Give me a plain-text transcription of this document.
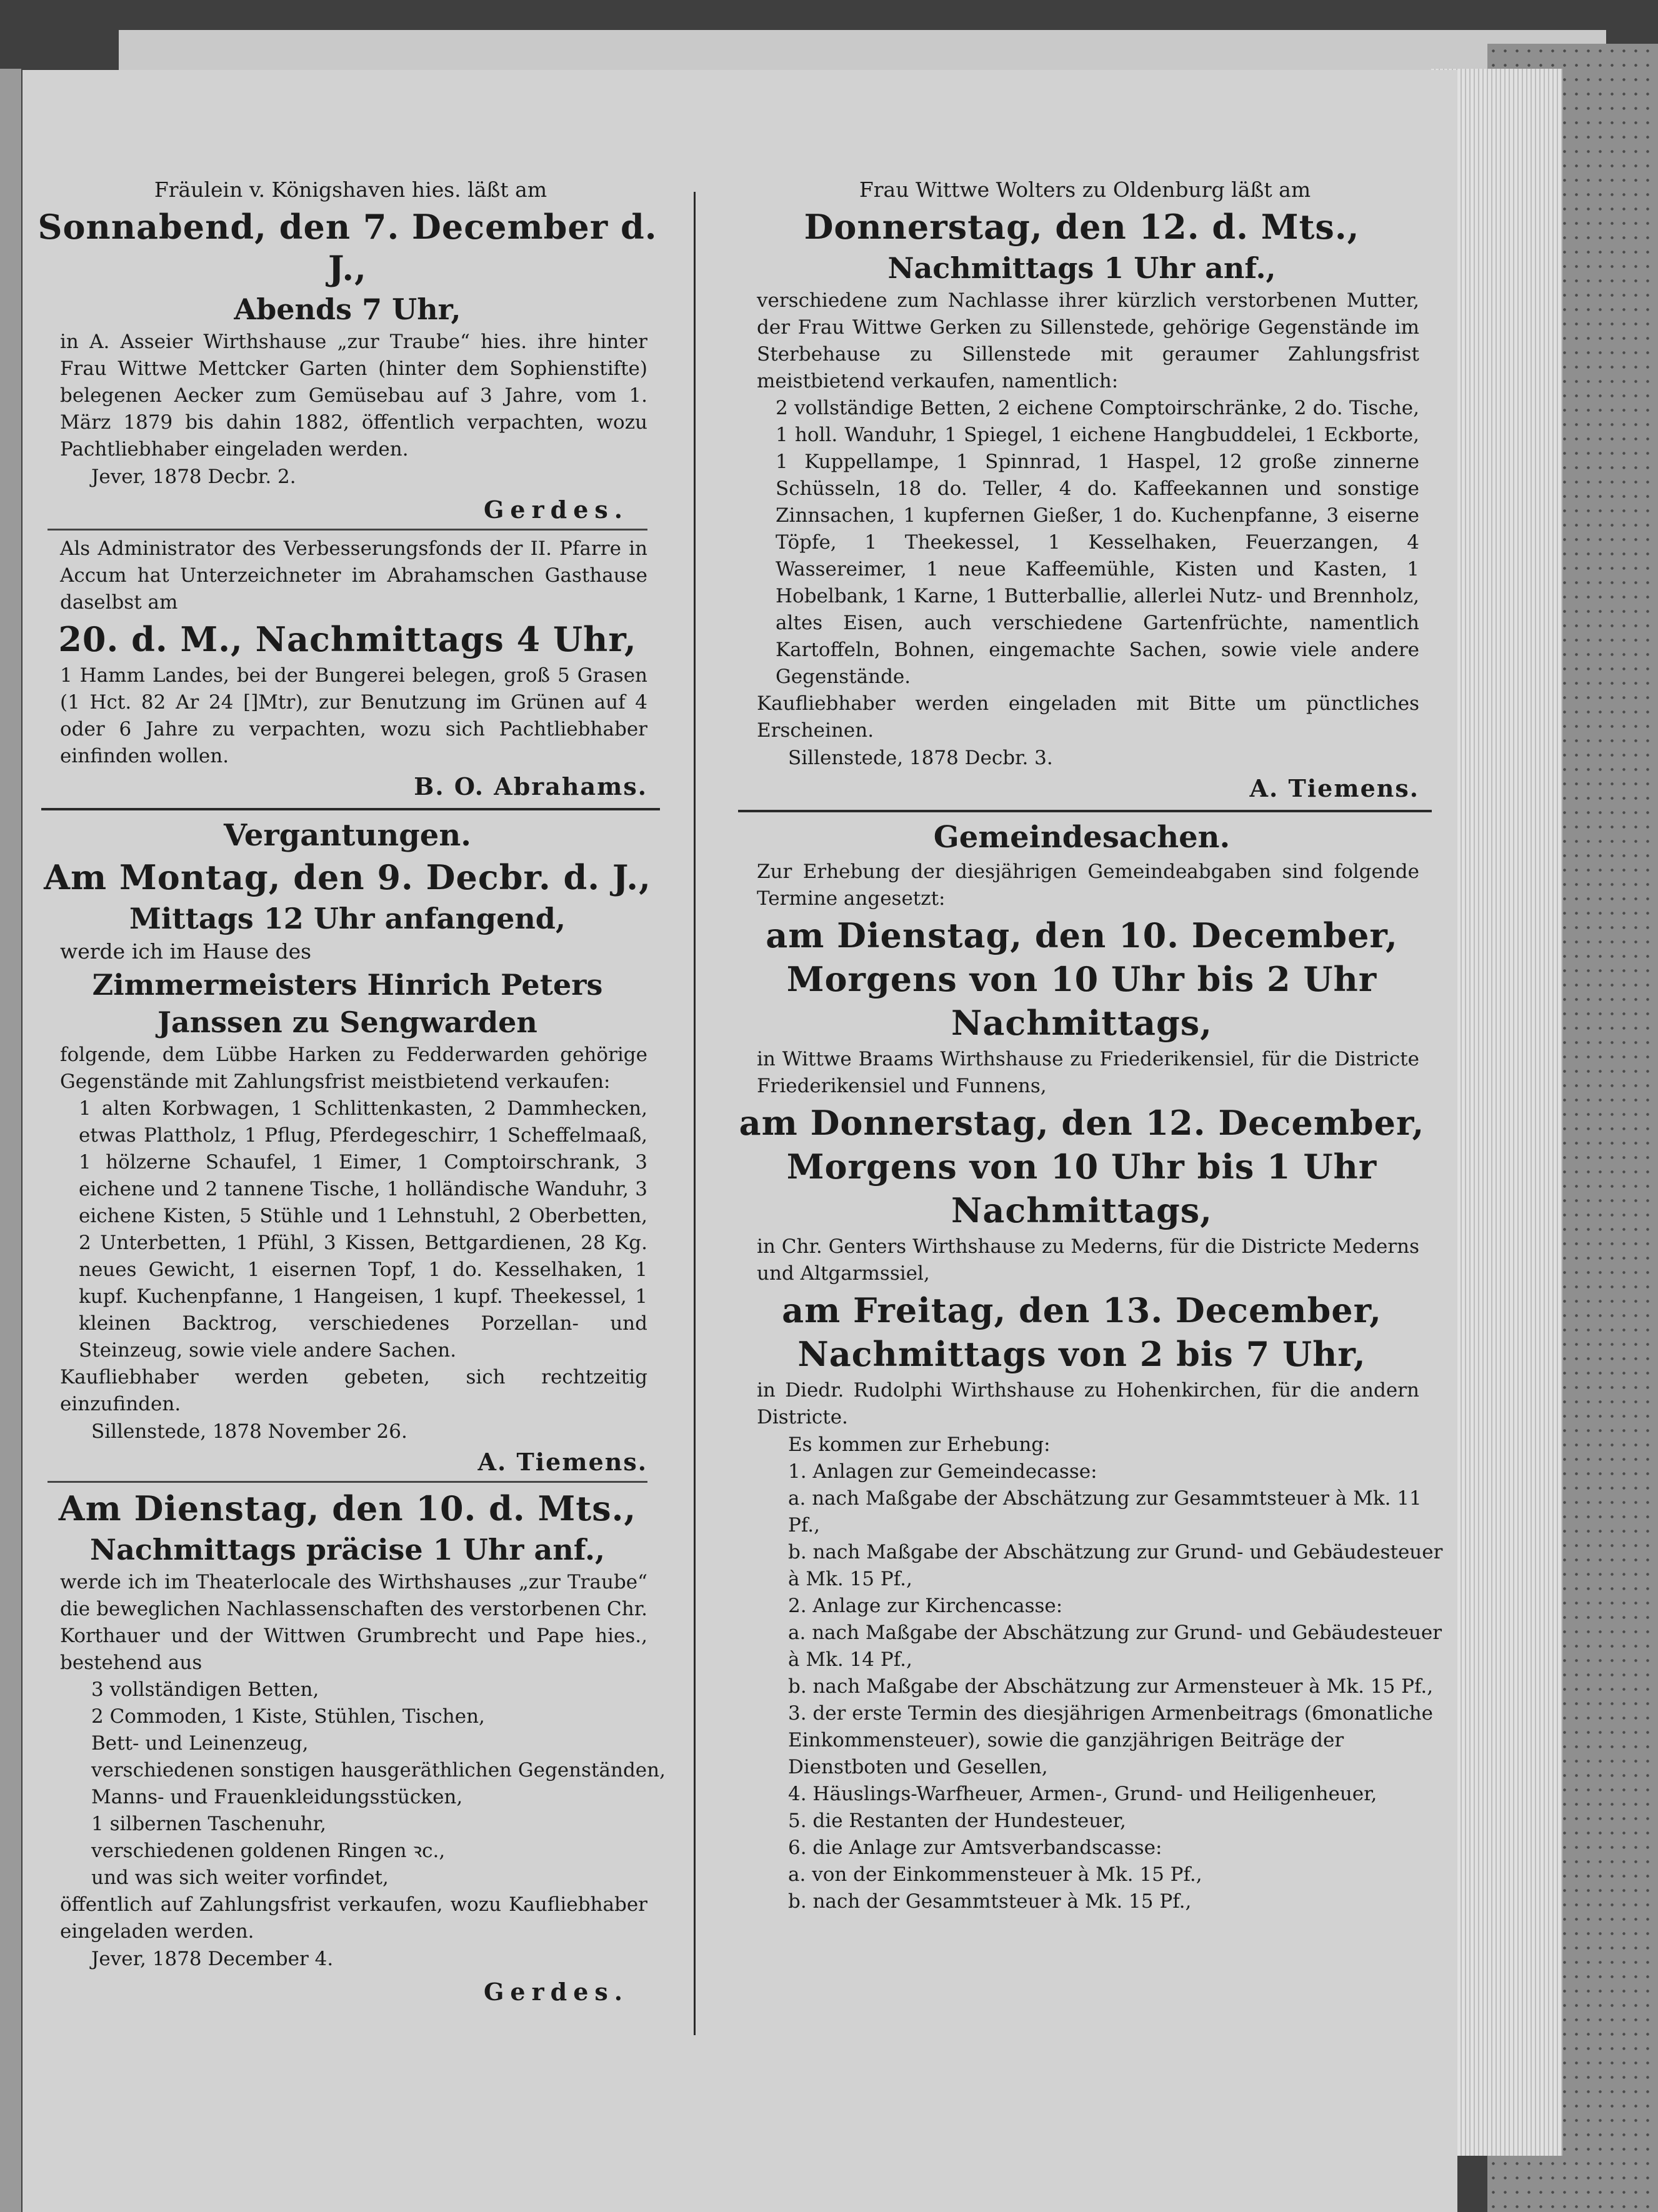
Fräulein v. Königshaven hies. läßt am

Sonnabend, den 7. December d. J.,

Abends 7 Uhr,

in A. Asseier Wirthshause „zur Traube“ hies. ihre hinter Frau Wittwe Mettcker Garten (hinter dem Sophienstifte) belegenen Aecker zum Gemüsebau auf 3 Jahre, vom 1. März 1879 bis dahin 1882, öffentlich verpachten, wozu Pachtliebhaber eingeladen werden.

Jever, 1878 Decbr. 2.

Gerdes.

Als Administrator des Verbesserungsfonds der II. Pfarre in Accum hat Unterzeichneter im Abrahamschen Gasthause daselbst am

20. d. M., Nachmittags 4 Uhr,

1 Hamm Landes, bei der Bungerei belegen, groß 5 Grasen (1 Hct. 82 Ar 24 []Mtr), zur Benutzung im Grünen auf 4 oder 6 Jahre zu verpachten, wozu sich Pachtliebhaber einfinden wollen.

B. O. Abrahams.

Vergantungen.

Am Montag, den 9. Decbr. d. J.,

Mittags 12 Uhr anfangend,

werde ich im Hause des

Zimmermeisters Hinrich Peters

Janssen zu Sengwarden

folgende, dem Lübbe Harken zu Fedderwarden gehörige Gegenstände mit Zahlungsfrist meistbietend verkaufen:

1 alten Korbwagen, 1 Schlittenkasten, 2 Dammhecken, etwas Plattholz, 1 Pflug, Pferdegeschirr, 1 Scheffelmaaß, 1 hölzerne Schaufel, 1 Eimer, 1 Comptoirschrank, 3 eichene und 2 tannene Tische, 1 holländische Wanduhr, 3 eichene Kisten, 5 Stühle und 1 Lehnstuhl, 2 Oberbetten, 2 Unterbetten, 1 Pfühl, 3 Kissen, Bettgardienen, 28 Kg. neues Gewicht, 1 eisernen Topf, 1 do. Kesselhaken, 1 kupf. Kuchenpfanne, 1 Hangeisen, 1 kupf. Theekessel, 1 kleinen Backtrog, verschiedenes Porzellan- und Steinzeug, sowie viele andere Sachen.

Kaufliebhaber werden gebeten, sich rechtzeitig einzufinden.

Sillenstede, 1878 November 26.

A. Tiemens.

Am Dienstag, den 10. d. Mts.,

Nachmittags präcise 1 Uhr anf.,

werde ich im Theaterlocale des Wirthshauses „zur Traube“ die beweglichen Nachlassenschaften des verstorbenen Chr. Korthauer und der Wittwen Grumbrecht und Pape hies., bestehend aus

3 vollständigen Betten,
2 Commoden, 1 Kiste, Stühlen, Tischen,
Bett- und Leinenzeug,
verschiedenen sonstigen hausgeräthlichen Gegenständen,
Manns- und Frauenkleidungsstücken,
1 silbernen Taschenuhr,
verschiedenen goldenen Ringen ꝛc.,
und was sich weiter vorfindet,

öffentlich auf Zahlungsfrist verkaufen, wozu Kaufliebhaber eingeladen werden.

Jever, 1878 December 4.

Gerdes.

Frau Wittwe Wolters zu Oldenburg läßt am

Donnerstag, den 12. d. Mts.,

Nachmittags 1 Uhr anf.,

verschiedene zum Nachlasse ihrer kürzlich verstorbenen Mutter, der Frau Wittwe Gerken zu Sillenstede, gehörige Gegenstände im Sterbehause zu Sillenstede mit geraumer Zahlungsfrist meistbietend verkaufen, namentlich:

2 vollständige Betten, 2 eichene Comptoirschränke, 2 do. Tische, 1 holl. Wanduhr, 1 Spiegel, 1 eichene Hangbuddelei, 1 Eckborte, 1 Kuppellampe, 1 Spinnrad, 1 Haspel, 12 große zinnerne Schüsseln, 18 do. Teller, 4 do. Kaffeekannen und sonstige Zinnsachen, 1 kupfernen Gießer, 1 do. Kuchenpfanne, 3 eiserne Töpfe, 1 Theekessel, 1 Kesselhaken, Feuerzangen, 4 Wassereimer, 1 neue Kaffeemühle, Kisten und Kasten, 1 Hobelbank, 1 Karne, 1 Butterballie, allerlei Nutz- und Brennholz, altes Eisen, auch verschiedene Gartenfrüchte, namentlich Kartoffeln, Bohnen, eingemachte Sachen, sowie viele andere Gegenstände.

Kaufliebhaber werden eingeladen mit Bitte um pünctliches Erscheinen.

Sillenstede, 1878 Decbr. 3.

A. Tiemens.

Gemeindesachen.

Zur Erhebung der diesjährigen Gemeindeabgaben sind folgende Termine angesetzt:

am Dienstag, den 10. December,

Morgens von 10 Uhr bis 2 Uhr

Nachmittags,

in Wittwe Braams Wirthshause zu Friederikensiel, für die Districte Friederikensiel und Funnens,

am Donnerstag, den 12. December,

Morgens von 10 Uhr bis 1 Uhr

Nachmittags,

in Chr. Genters Wirthshause zu Mederns, für die Districte Mederns und Altgarmssiel,

am Freitag, den 13. December,

Nachmittags von 2 bis 7 Uhr,

in Diedr. Rudolphi Wirthshause zu Hohenkirchen, für die andern Districte.

Es kommen zur Erhebung:

1. Anlagen zur Gemeindecasse:
a. nach Maßgabe der Abschätzung zur Gesammtsteuer à Mk. 11 Pf.,
b. nach Maßgabe der Abschätzung zur Grund- und Gebäudesteuer à Mk. 15 Pf.,
2. Anlage zur Kirchencasse:
a. nach Maßgabe der Abschätzung zur Grund- und Gebäudesteuer à Mk. 14 Pf.,
b. nach Maßgabe der Abschätzung zur Armensteuer à Mk. 15 Pf.,
3. der erste Termin des diesjährigen Armenbeitrags (6monatliche Einkommensteuer), sowie die ganzjährigen Beiträge der Dienstboten und Gesellen,
4. Häuslings-Warfheuer, Armen-, Grund- und Heiligenheuer,
5. die Restanten der Hundesteuer,
6. die Anlage zur Amtsverbandscasse:
a. von der Einkommensteuer à Mk. 15 Pf.,
b. nach der Gesammtsteuer à Mk. 15 Pf.,
